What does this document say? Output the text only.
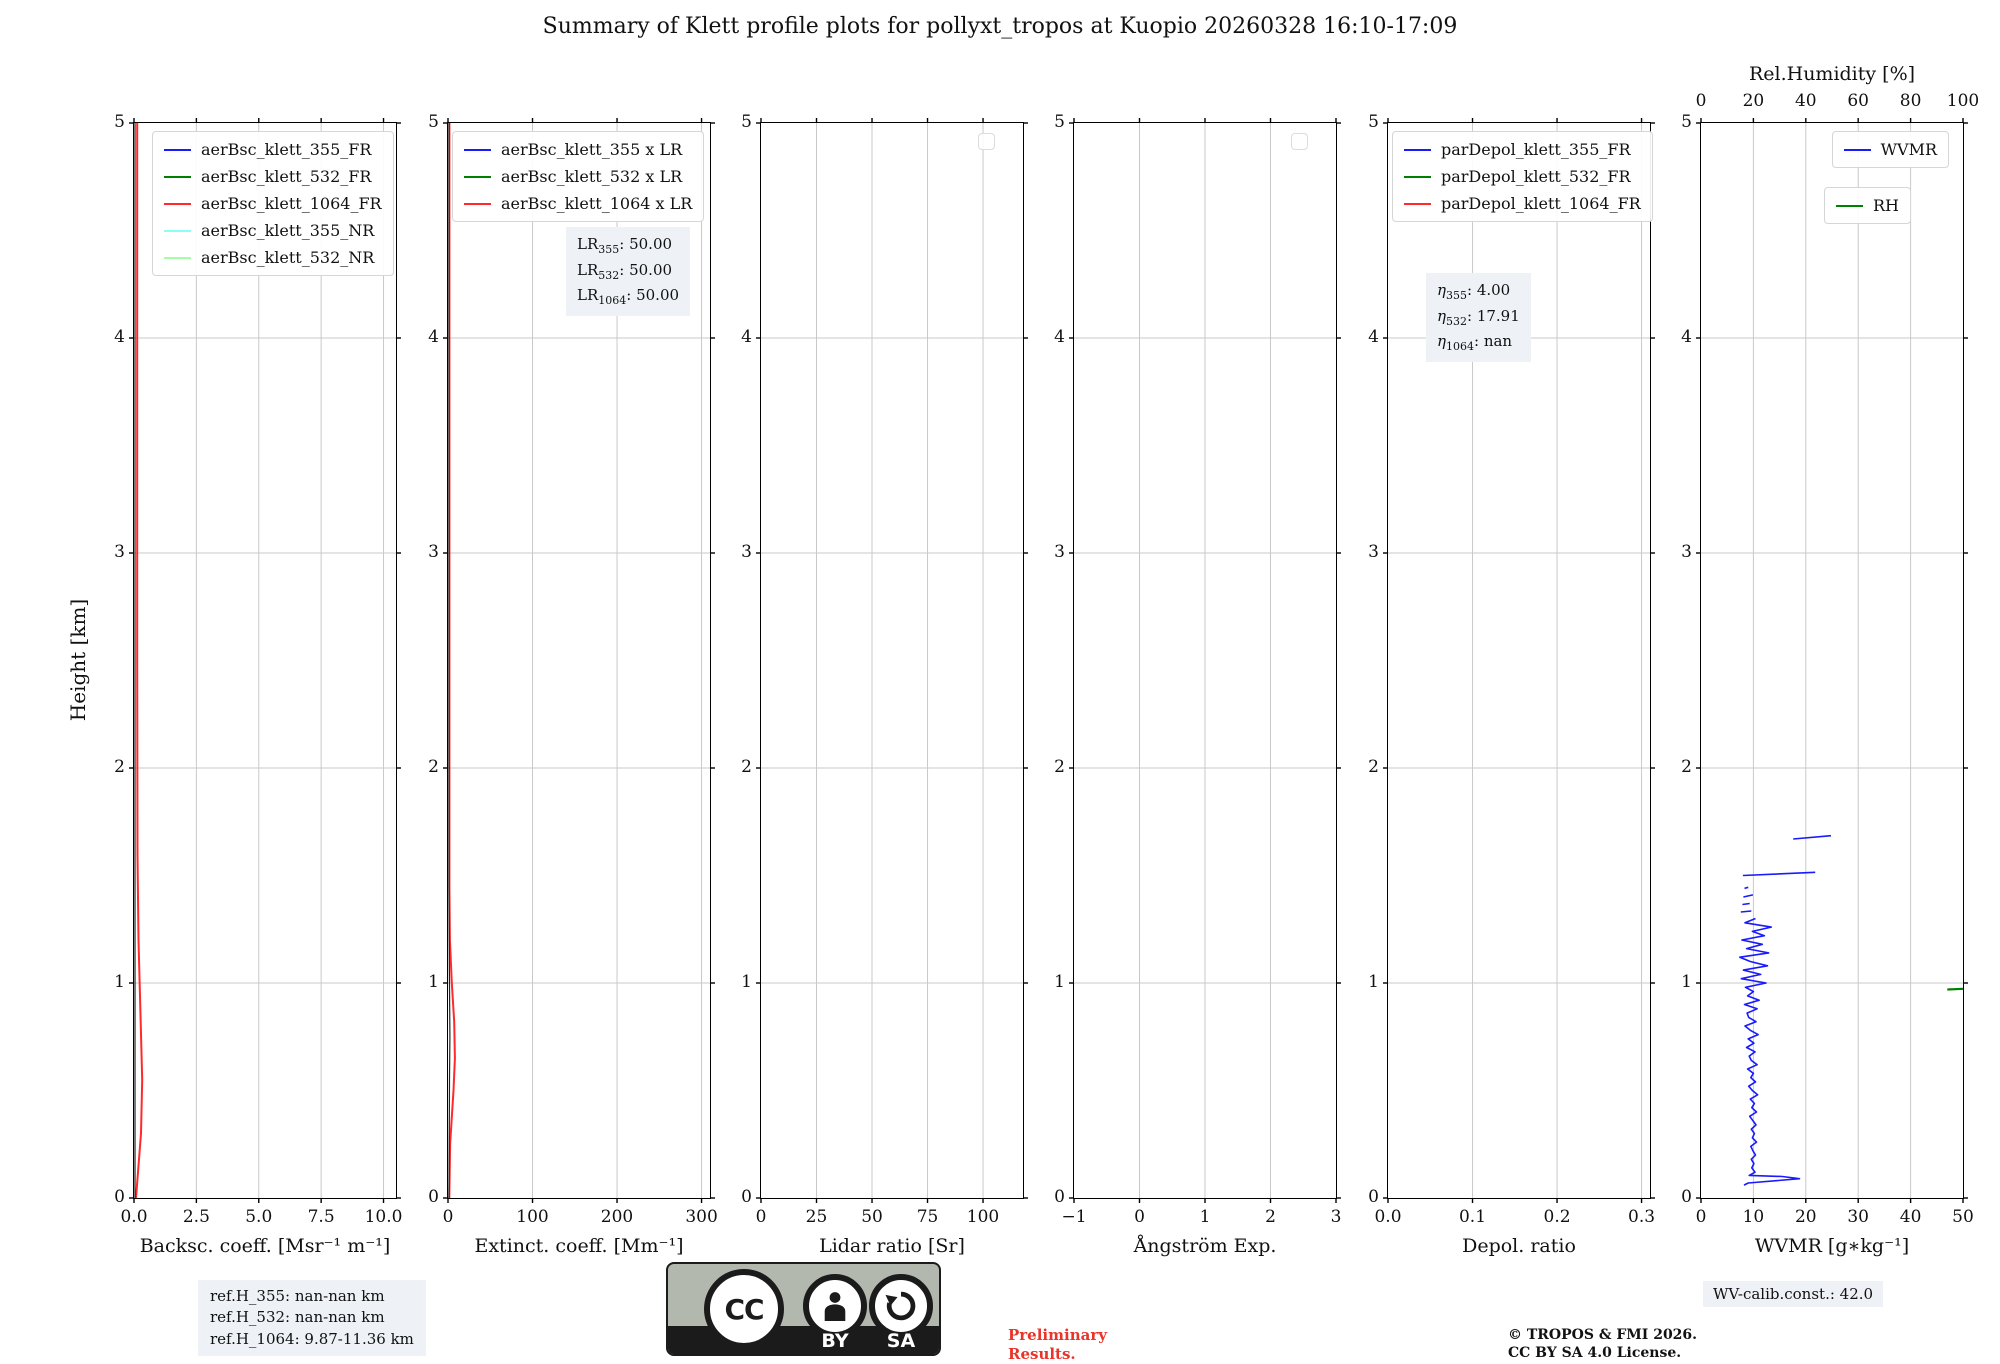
Summary of Klett profile plots for pollyxt_tropos at Kuopio 20260328 16:10-17:09
Height [km]
0
1
2
3
4
5
0.0 2.5 5.0 7.5 10.0
Backsc. coeff. [Msr⁻¹ m⁻¹]
aerBsc_klett_355_FR
aerBsc_klett_532_FR
aerBsc_klett_1064_FR
aerBsc_klett_355_NR
aerBsc_klett_532_NR
0
1
2
3
4
5
0	100	200	300
Extinct. coeff. [Mm⁻¹]
aerBsc_klett_355 x LR
aerBsc_klett_532 x LR
aerBsc_klett_1064 x LR
$LR_{355}$: 50.00
$LR_{532}$: 50.00
$LR_{1064}$: 50.00
0
1
2
3
4
5
0 25 50 75 100
Lidar ratio [Sr]
0
1
2
3
4
5
−1	0	1	2	3
Ångström Exp.
0
1
2
3
4
5
0.0	0.1	0.2	0.3
Depol. ratio
parDepol_klett_355_FR
parDepol_klett_532_FR
parDepol_klett_1064_FR
$\eta_{355}$: 4.00
$\eta_{532}$: 17.91
$\eta_{1064}$: nan
0
1
2
3
4
5
0 10 20 30 40 50
WVMR [g∗kg⁻¹]
0 20 40 60 80 100
Rel.Humidity [%]
WVMR
RH
ref.H_355: nan-nan km
ref.H_532: nan-nan km
ref.H_1064: 9.87-11.36 km
CC
BY SA	Preliminary
Results.
© TROPOS & FMI 2026.
CC BY SA 4.0 License.
WV-calib.const.: 42.0
